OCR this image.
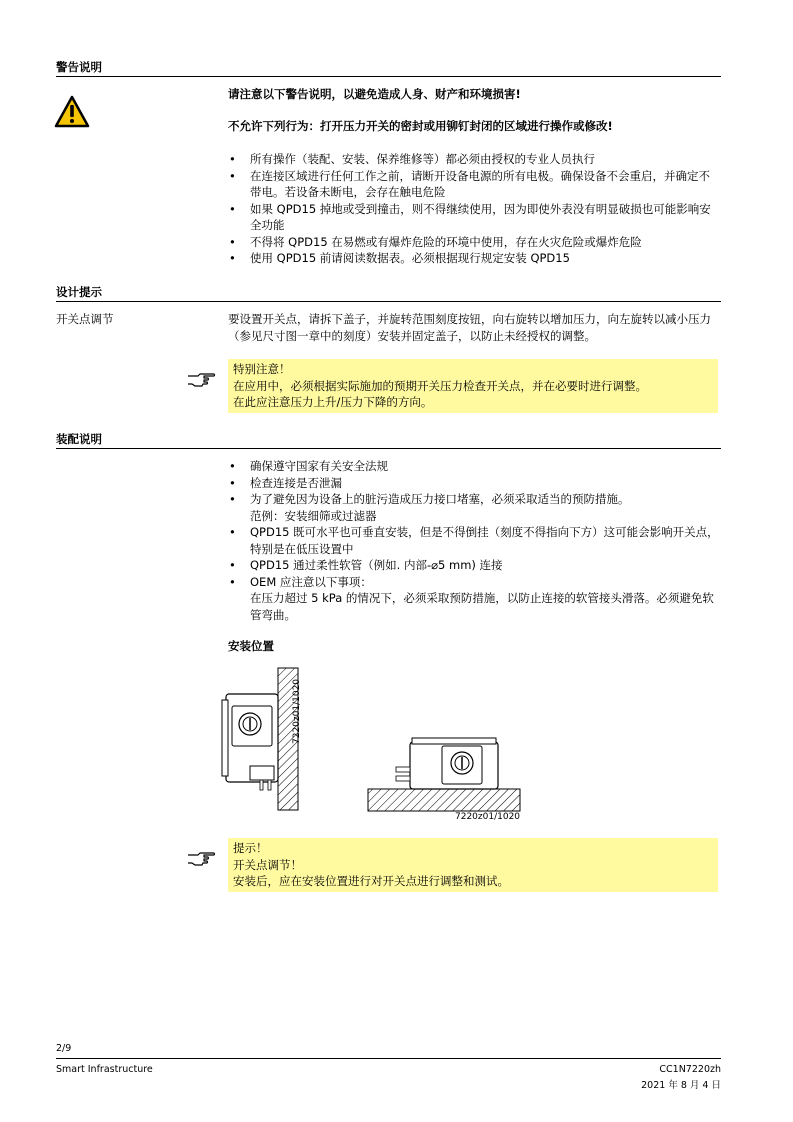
警告说明
请注意以下警告说明，以避免造成人身、财产和环境损害!
不允许下列行为：打开压力开关的密封或用铆钉封闭的区域进行操作或修改!
• 所有操作（装配、安装、保养维修等）都必须由授权的专业人员执行
• 在连接区域进行任何工作之前，请断开设备电源的所有电极。确保设备不会重启，并确定不带电。若设备未断电，会存在触电危险
• 如果 QPD15 掉地或受到撞击，则不得继续使用，因为即使外表没有明显破损也可能影响安全功能
• 不得将 QPD15 在易燃或有爆炸危险的环境中使用，存在火灾危险或爆炸危险
• 使用 QPD15 前请阅读数据表。必须根据现行规定安装 QPD15
设计提示
开关点调节	要设置开关点，请拆下盖子，并旋转范围刻度按钮，向右旋转以增加压力，向左旋转以减小压力（参见尺寸图一章中的刻度）安装并固定盖子，以防止未经授权的调整。
特别注意！
在应用中，必须根据实际施加的预期开关压力检查开关点，并在必要时进行调整。
在此应注意压力上升/压力下降的方向。
装配说明
• 确保遵守国家有关安全法规
• 检查连接是否泄漏
• 为了避免因为设备上的脏污造成压力接口堵塞，必须采取适当的预防措施。
范例：安装细筛或过滤器
• QPD15 既可水平也可垂直安装，但是不得倒挂（刻度不得指向下方）这可能会影响开关点，特别是在低压设置中
• QPD15 通过柔性软管（例如. 内部-⌀5 mm) 连接
• OEM 应注意以下事项：
在压力超过 5 kPa 的情况下，必须采取预防措施，以防止连接的软管接头滑落。必须避免软管弯曲。
安装位置
7220z01/1020
7220z01/1020
提示！
开关点调节！
安装后，应在安装位置进行对开关点进行调整和测试。
2/9
Smart Infrastructure	CC1N7220zh
2021 年 8 月 4 日
